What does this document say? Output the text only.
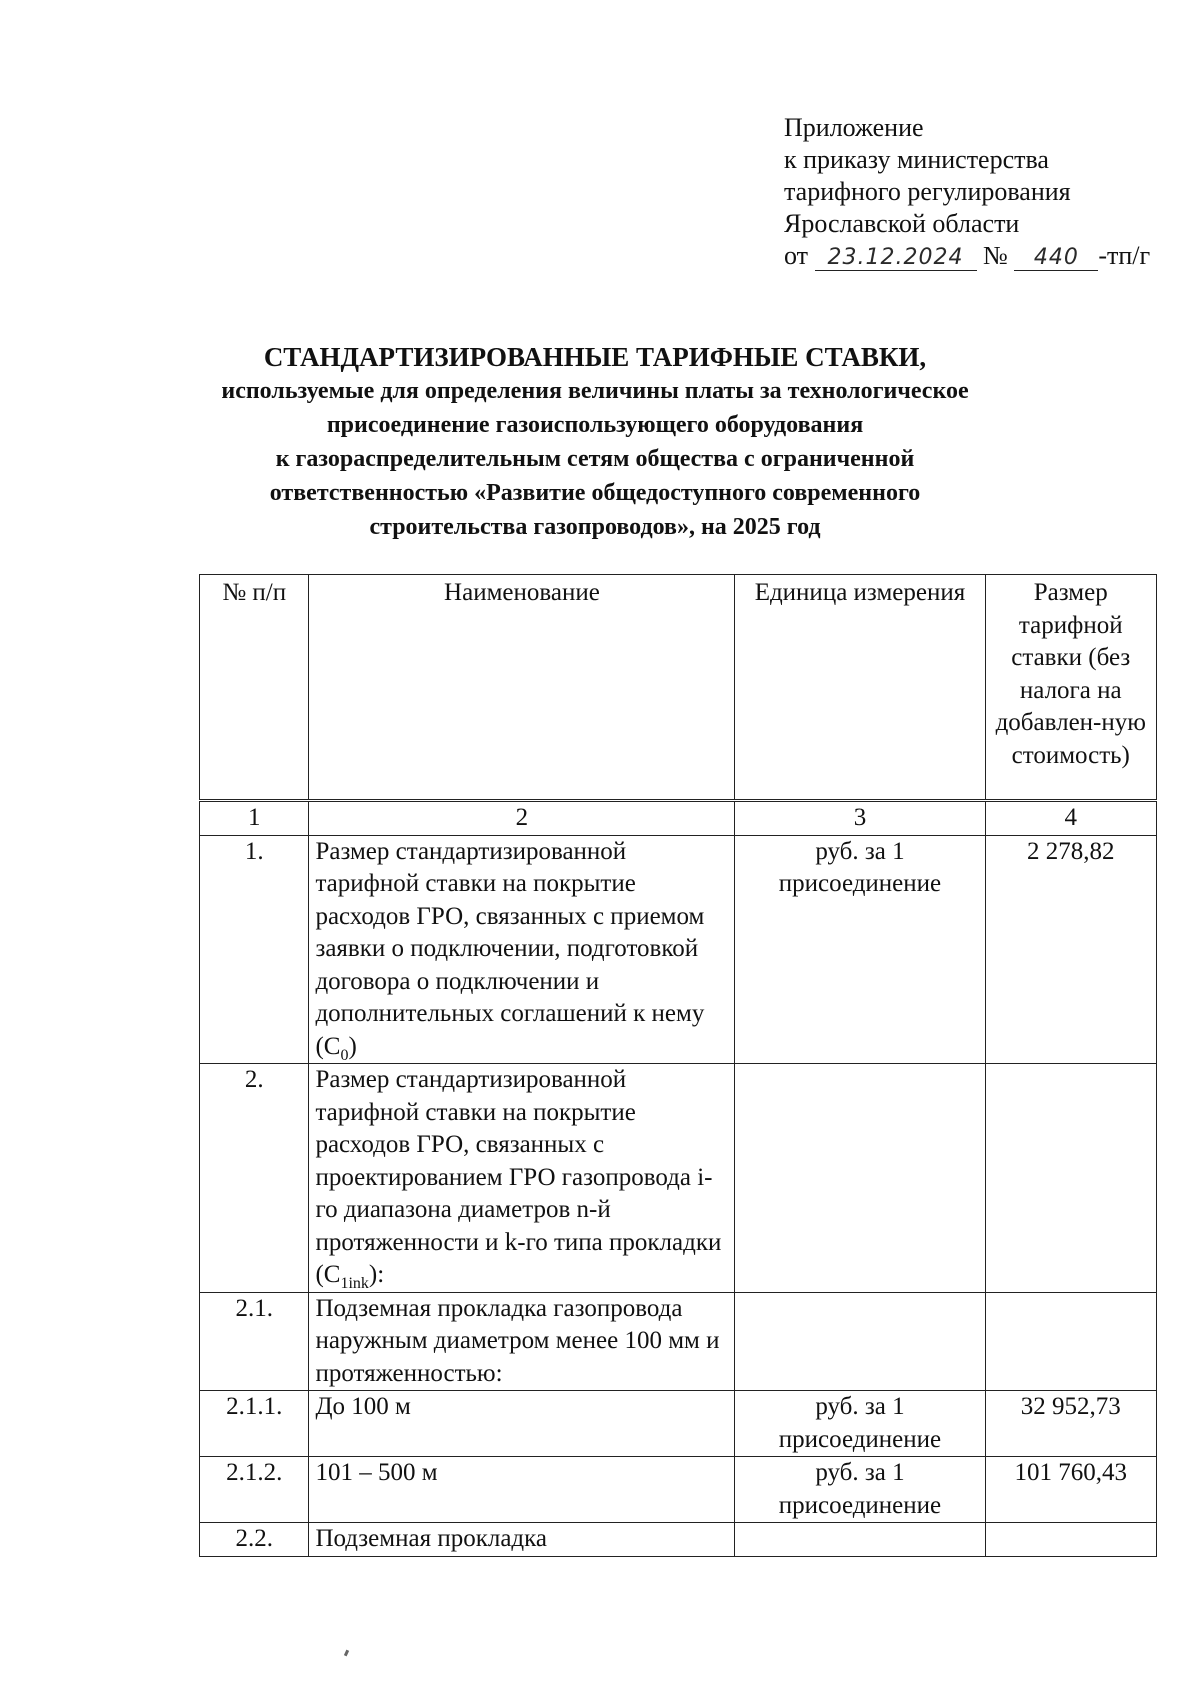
Приложение
к приказу министерства
тарифного регулирования
Ярославской области
от 23.12.2024 № 440 -тп/г
СТАНДАРТИЗИРОВАННЫЕ ТАРИФНЫЕ СТАВКИ,
используемые для определения величины платы за технологическое
присоединение газоиспользующего оборудования
к газораспределительным сетям общества с ограниченной
ответственностью «Развитие общедоступного современного
строительства газопроводов», на 2025 год
№ п/п	Наименование	Единица измерения	Размер тарифной ставки (без налога на добавлен-ную стоимость)
1	2	3	4
1.	Размер стандартизированной тарифной ставки на покрытие расходов ГРО, связанных с приемом заявки о подключении, подготовкой договора о подключении и дополнительных соглашений к нему $(С_0)$	руб. за 1 присоединение	2 278,82
2.	Размер стандартизированной тарифной ставки на покрытие расходов ГРО, связанных с проектированием ГРО газопровода i-го диапазона диаметров n-й протяженности и k-го типа прокладки $(С_{1ink})$:		
2.1.	Подземная прокладка газопровода наружным диаметром менее 100 мм и протяженностью:		
2.1.1.	До 100 м	руб. за 1 присоединение	32 952,73
2.1.2.	101 – 500 м	руб. за 1 присоединение	101 760,43
2.2.	Подземная прокладка		
